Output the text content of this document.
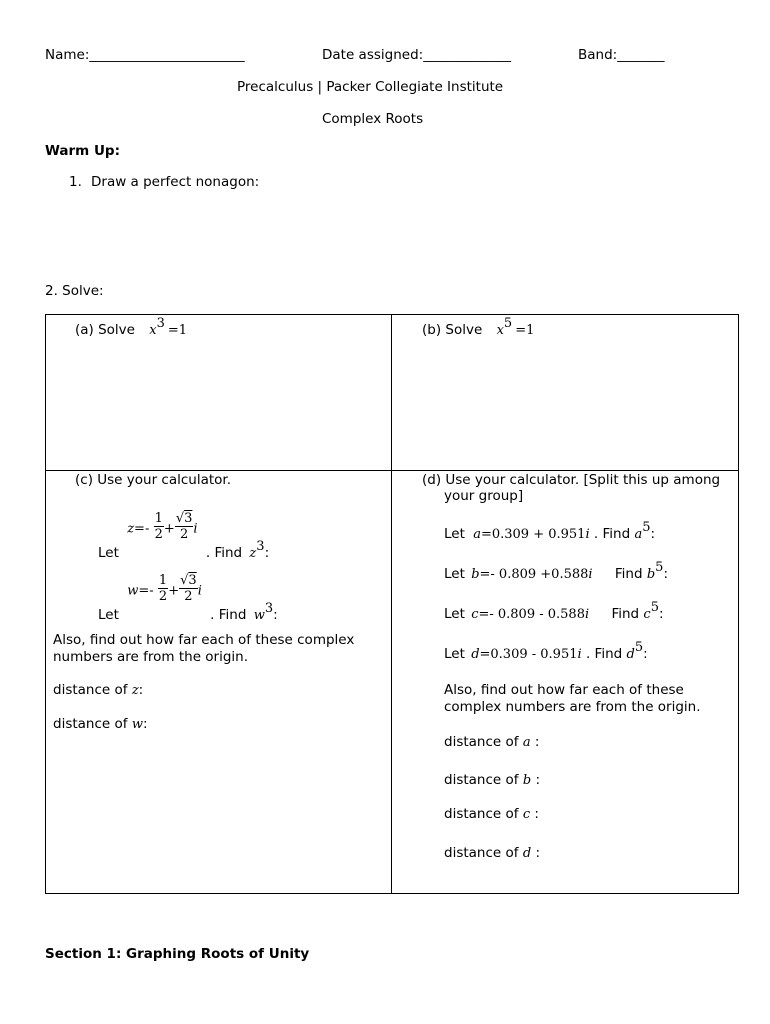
Name:_______________________	Date assigned:_____________	Band:_______
Precalculus | Packer Collegiate Institute
Complex Roots
Warm Up:
1. Draw a perfect nonagon:
2. Solve:
(a) Solve $x^3 =1$	(b) Solve $x^5 =1$
(c) Use your calculator.
Let $z=- \frac{1}{2} + \frac{√3}{2}$ i . Find $z^3$:
Let $w=- \frac{1}{2} + \frac{√3}{2}$ i . Find $w^3$:
Also, find out how far each of these complex
numbers are from the origin.
distance of z:
distance of w:
(d) Use your calculator. [Split this up among
your group]
Let a=0.309 + 0.951i . Find $a^5$:
Let b=- 0.809 +0.588i Find $b^5$:
Let c=- 0.809 - 0.588i Find $c^5$:
Let d=0.309 - 0.951i . Find $d^5$:
Also, find out how far each of these
complex numbers are from the origin.
distance of a :
distance of b :
distance of c :
distance of d :
Section 1: Graphing Roots of Unity
